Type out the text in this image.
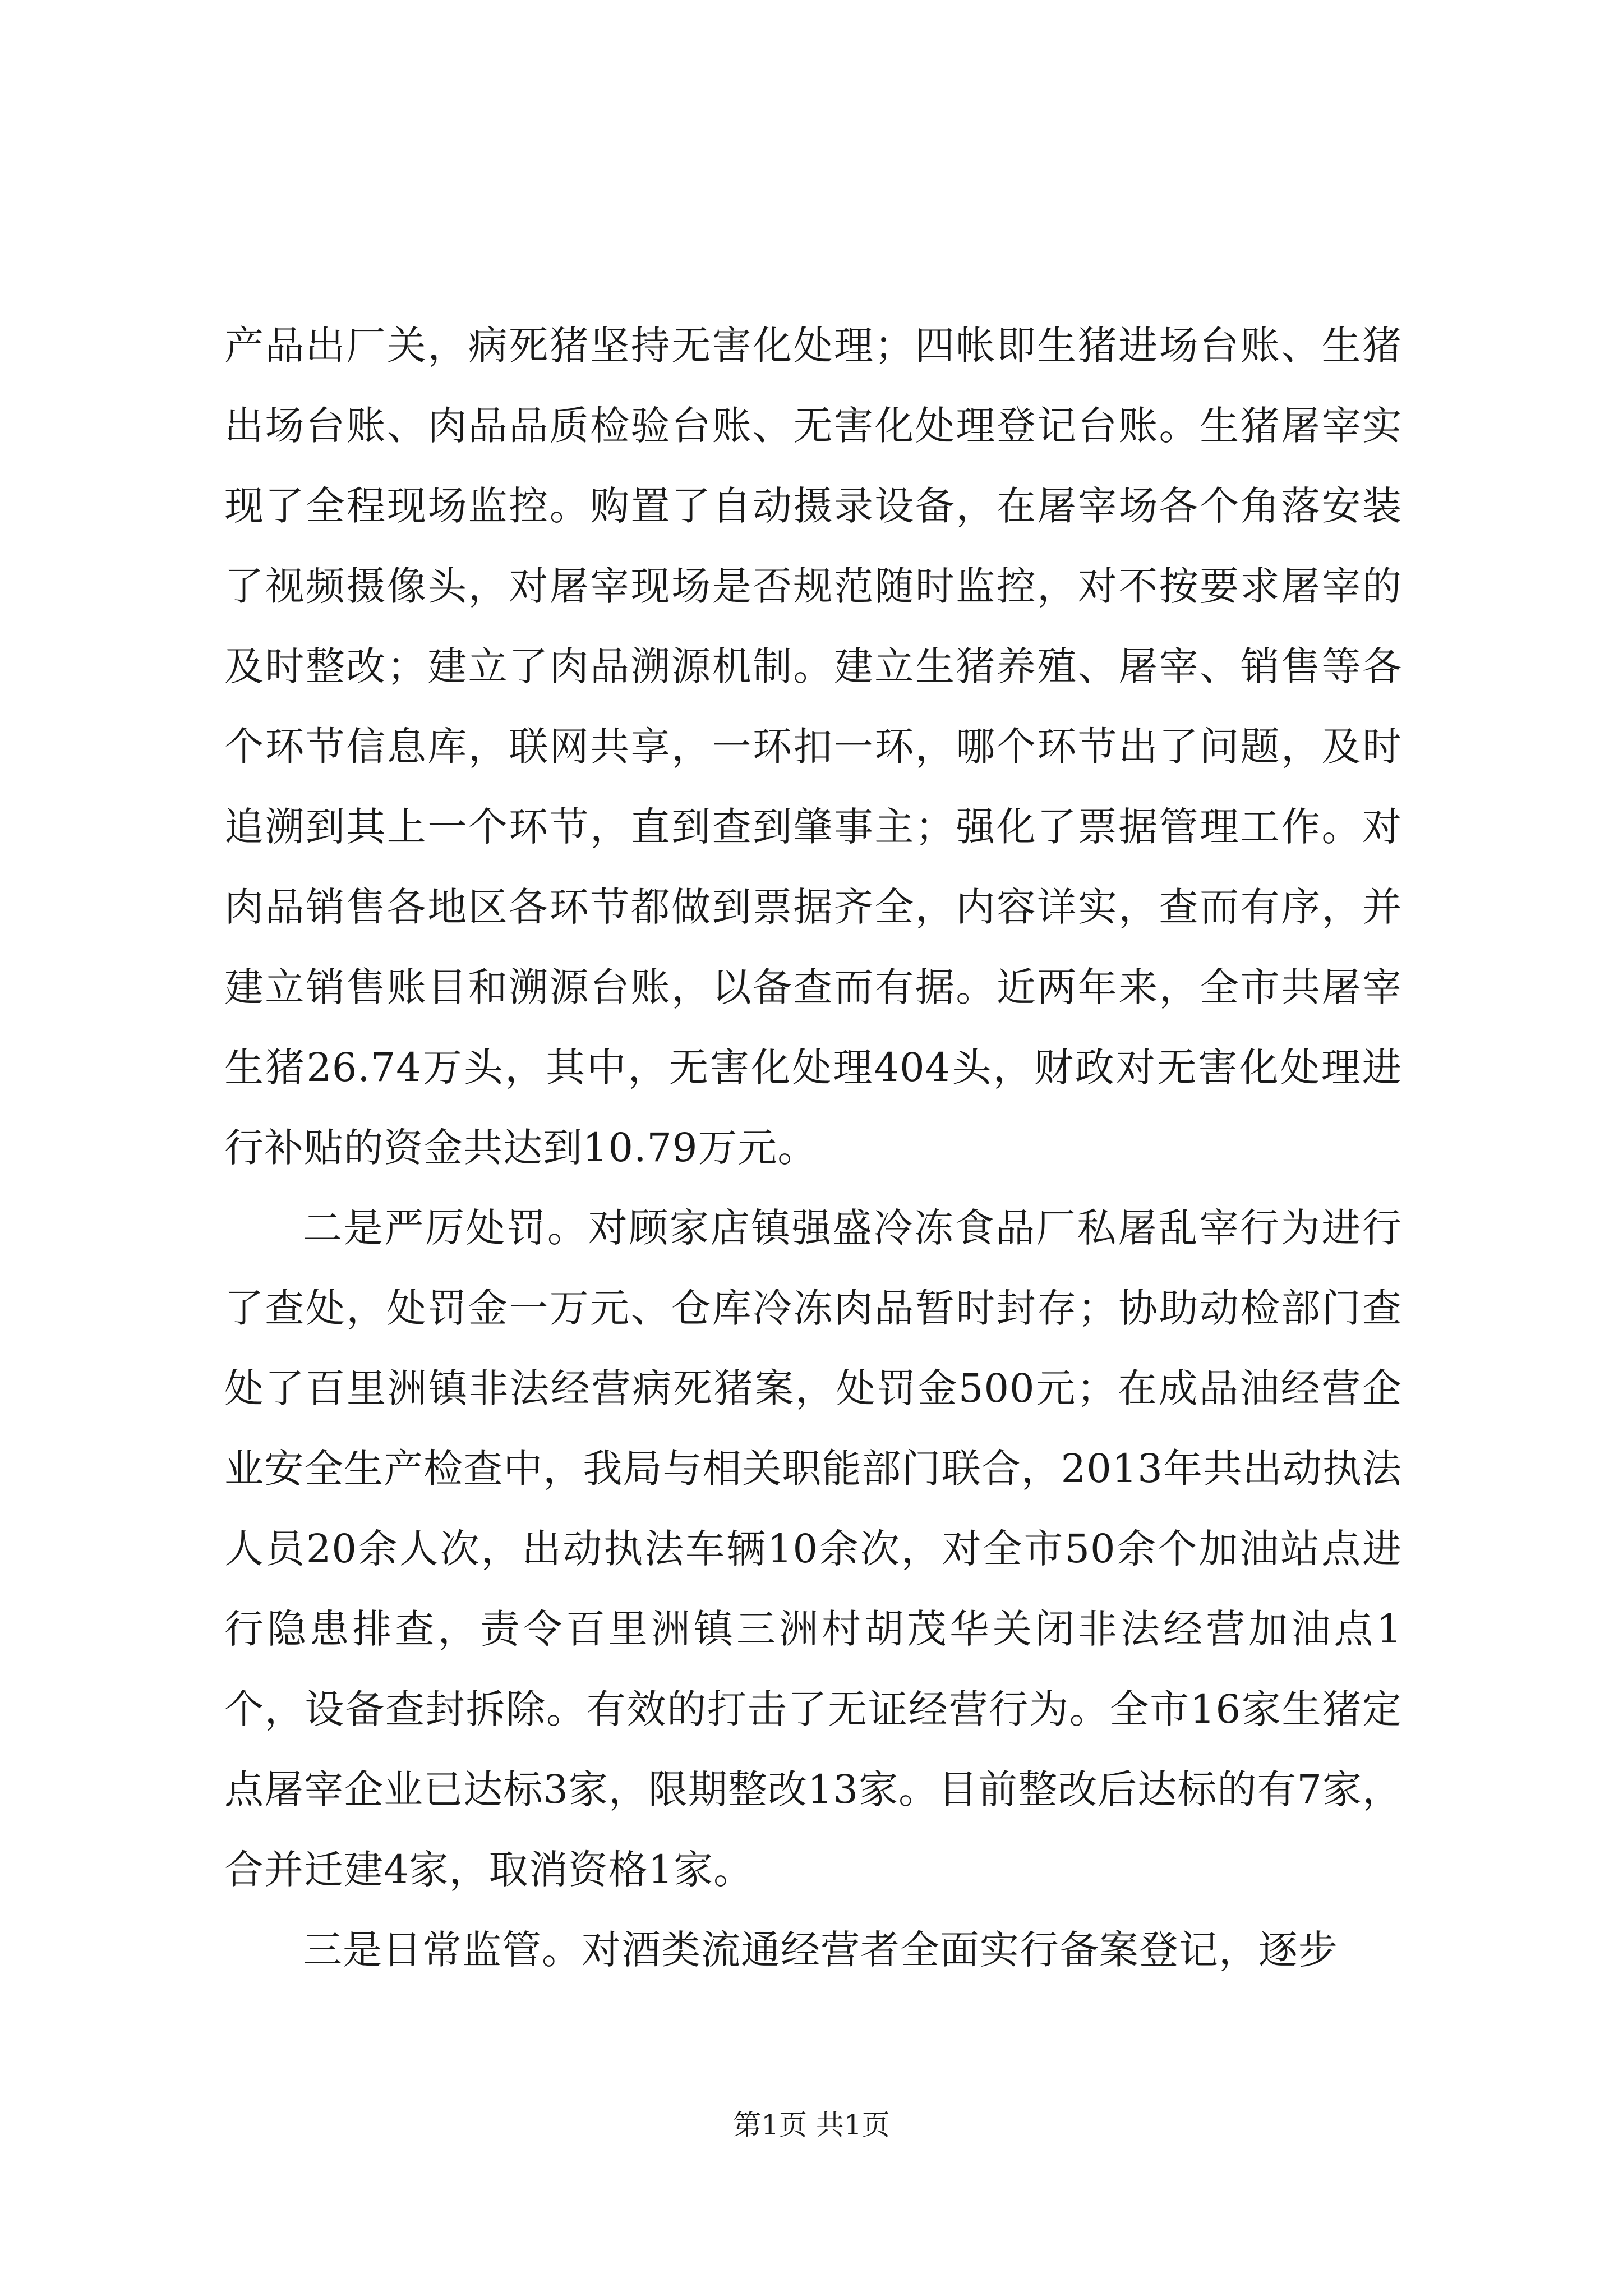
产品出厂关，病死猪坚持无害化处理；四帐即生猪进场台账、生猪出场台账、肉品品质检验台账、无害化处理登记台账。生猪屠宰实现了全程现场监控。购置了自动摄录设备，在屠宰场各个角落安装了视频摄像头，对屠宰现场是否规范随时监控，对不按要求屠宰的及时整改；建立了肉品溯源机制。建立生猪养殖、屠宰、销售等各个环节信息库，联网共享，一环扣一环，哪个环节出了问题，及时追溯到其上一个环节，直到查到肇事主；强化了票据管理工作。对肉品销售各地区各环节都做到票据齐全，内容详实，查而有序，并建立销售账目和溯源台账，以备查而有据。近两年来，全市共屠宰生猪26.74万头，其中，无害化处理404头，财政对无害化处理进行补贴的资金共达到10.79万元。

二是严厉处罚。对顾家店镇强盛冷冻食品厂私屠乱宰行为进行了查处，处罚金一万元、仓库冷冻肉品暂时封存；协助动检部门查处了百里洲镇非法经营病死猪案，处罚金500元；在成品油经营企业安全生产检查中，我局与相关职能部门联合，2013年共出动执法人员20余人次，出动执法车辆10余次，对全市50余个加油站点进行隐患排查，责令百里洲镇三洲村胡茂华关闭非法经营加油点1个，设备查封拆除。有效的打击了无证经营行为。全市16家生猪定点屠宰企业已达标3家，限期整改13家。目前整改后达标的有7家，合并迁建4家，取消资格1家。

三是日常监管。对酒类流通经营者全面实行备案登记，逐步

第1页 共1页
